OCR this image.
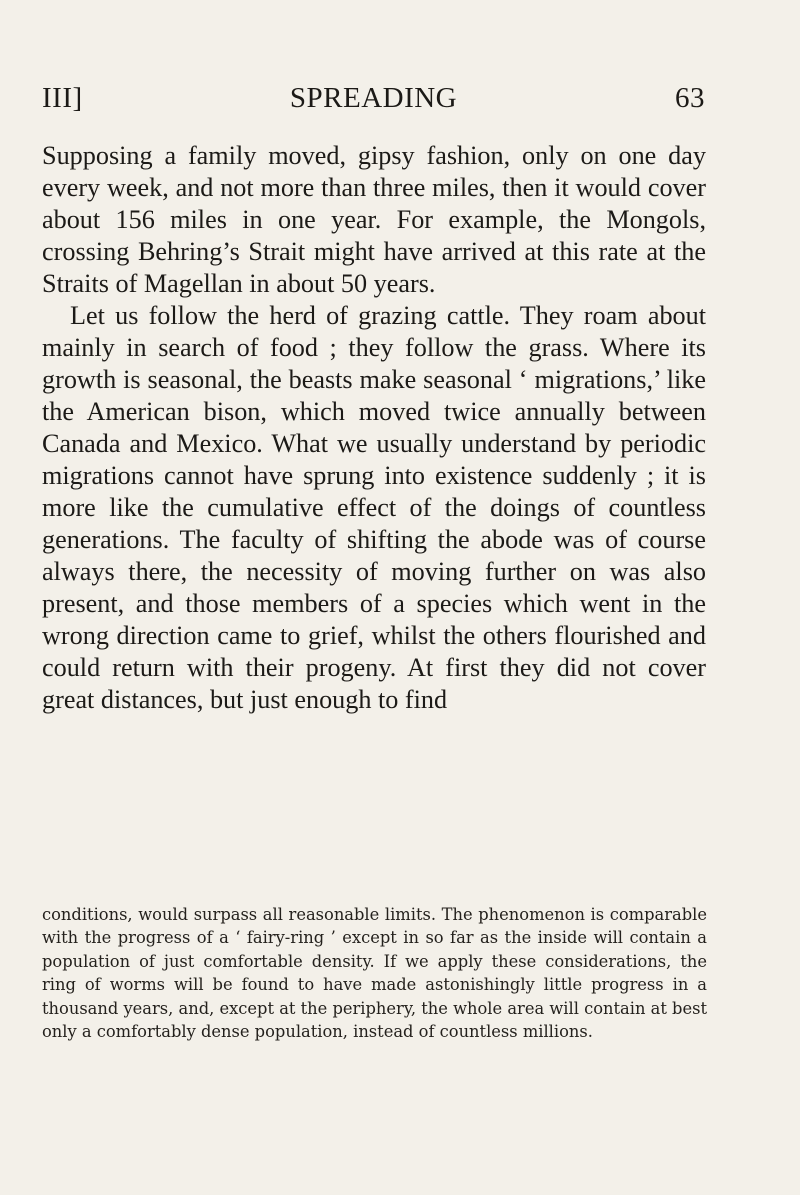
III]	SPREADING	63

Supposing a family moved, gipsy fashion, only on one day every week, and not more than three miles, then it would cover about 156 miles in one year. For example, the Mongols, crossing Behring’s Strait might have arrived at this rate at the Straits of Magellan in about 50 years.

Let us follow the herd of grazing cattle. They roam about mainly in search of food ; they follow the grass. Where its growth is seasonal, the beasts make seasonal ‘ migrations,’ like the American bison, which moved twice annually between Canada and Mexico. What we usually understand by periodic migrations cannot have sprung into existence suddenly ; it is more like the cumulative effect of the doings of countless generations. The faculty of shifting the abode was of course always there, the necessity of moving further on was also present, and those members of a species which went in the wrong direction came to grief, whilst the others flourished and could return with their progeny. At first they did not cover great distances, but just enough to find

conditions, would surpass all reasonable limits. The phenomenon is comparable with the progress of a ‘ fairy-ring ’ except in so far as the inside will contain a population of just comfortable density. If we apply these considerations, the ring of worms will be found to have made astonishingly little progress in a thousand years, and, except at the periphery, the whole area will contain at best only a comfortably dense population, instead of countless millions.
